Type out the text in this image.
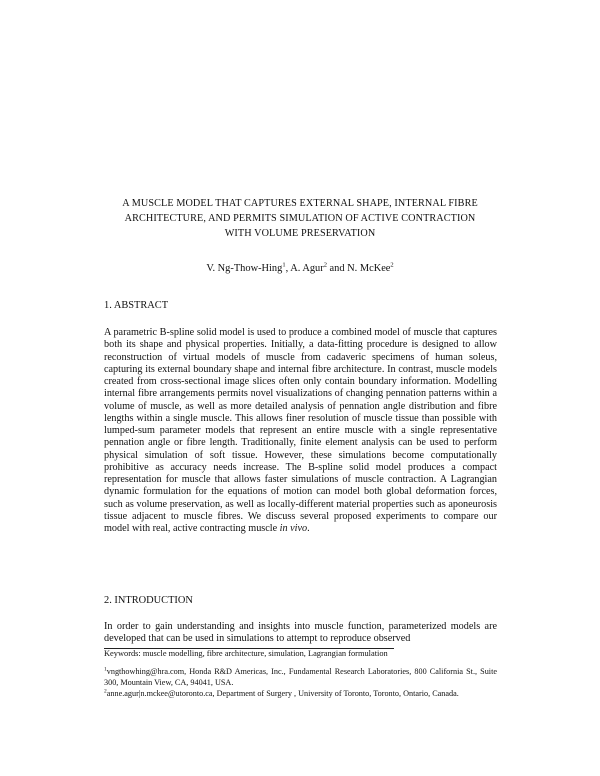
A MUSCLE MODEL THAT CAPTURES EXTERNAL SHAPE, INTERNAL FIBRE
ARCHITECTURE, AND PERMITS SIMULATION OF ACTIVE CONTRACTION
WITH VOLUME PRESERVATION
V. Ng-Thow-Hing$^1$, A. Agur$^2$ and N. McKee$^2$
1. ABSTRACT
A parametric B-spline solid model is used to produce a combined model of muscle that captures both its shape and physical properties. Initially, a data-fitting procedure is designed to allow reconstruction of virtual models of muscle from cadaveric specimens of human soleus, capturing its external boundary shape and internal fibre architecture. In contrast, muscle models created from cross-sectional image slices often only contain boundary information. Modelling internal fibre arrangements permits novel visualizations of changing pennation patterns within a volume of muscle, as well as more detailed analysis of pennation angle distribution and fibre lengths within a single muscle. This allows finer resolution of muscle tissue than possible with lumped-sum parameter models that represent an entire muscle with a single representative pennation angle or fibre length. Traditionally, finite element analysis can be used to perform physical simulation of soft tissue. However, these simulations become computationally prohibitive as accuracy needs increase. The B-spline solid model produces a compact representation for muscle that allows faster simulations of muscle contraction. A Lagrangian dynamic formulation for the equations of motion can model both global deformation forces, such as volume preservation, as well as locally-different material properties such as aponeurosis tissue adjacent to muscle fibres. We discuss several proposed experiments to compare our model with real, active contracting muscle in vivo.
2. INTRODUCTION
In order to gain understanding and insights into muscle function, parameterized models are developed that can be used in simulations to attempt to reproduce observed
Keywords: muscle modelling, fibre architecture, simulation, Lagrangian formulation
$^1$vngthowhing@hra.com, Honda R&D Americas, Inc., Fundamental Research Laboratories, 800 California St., Suite 300, Mountain View, CA, 94041, USA.
$^2$anne.agur|n.mckee@utoronto.ca, Department of Surgery , University of Toronto, Toronto, Ontario, Canada.
